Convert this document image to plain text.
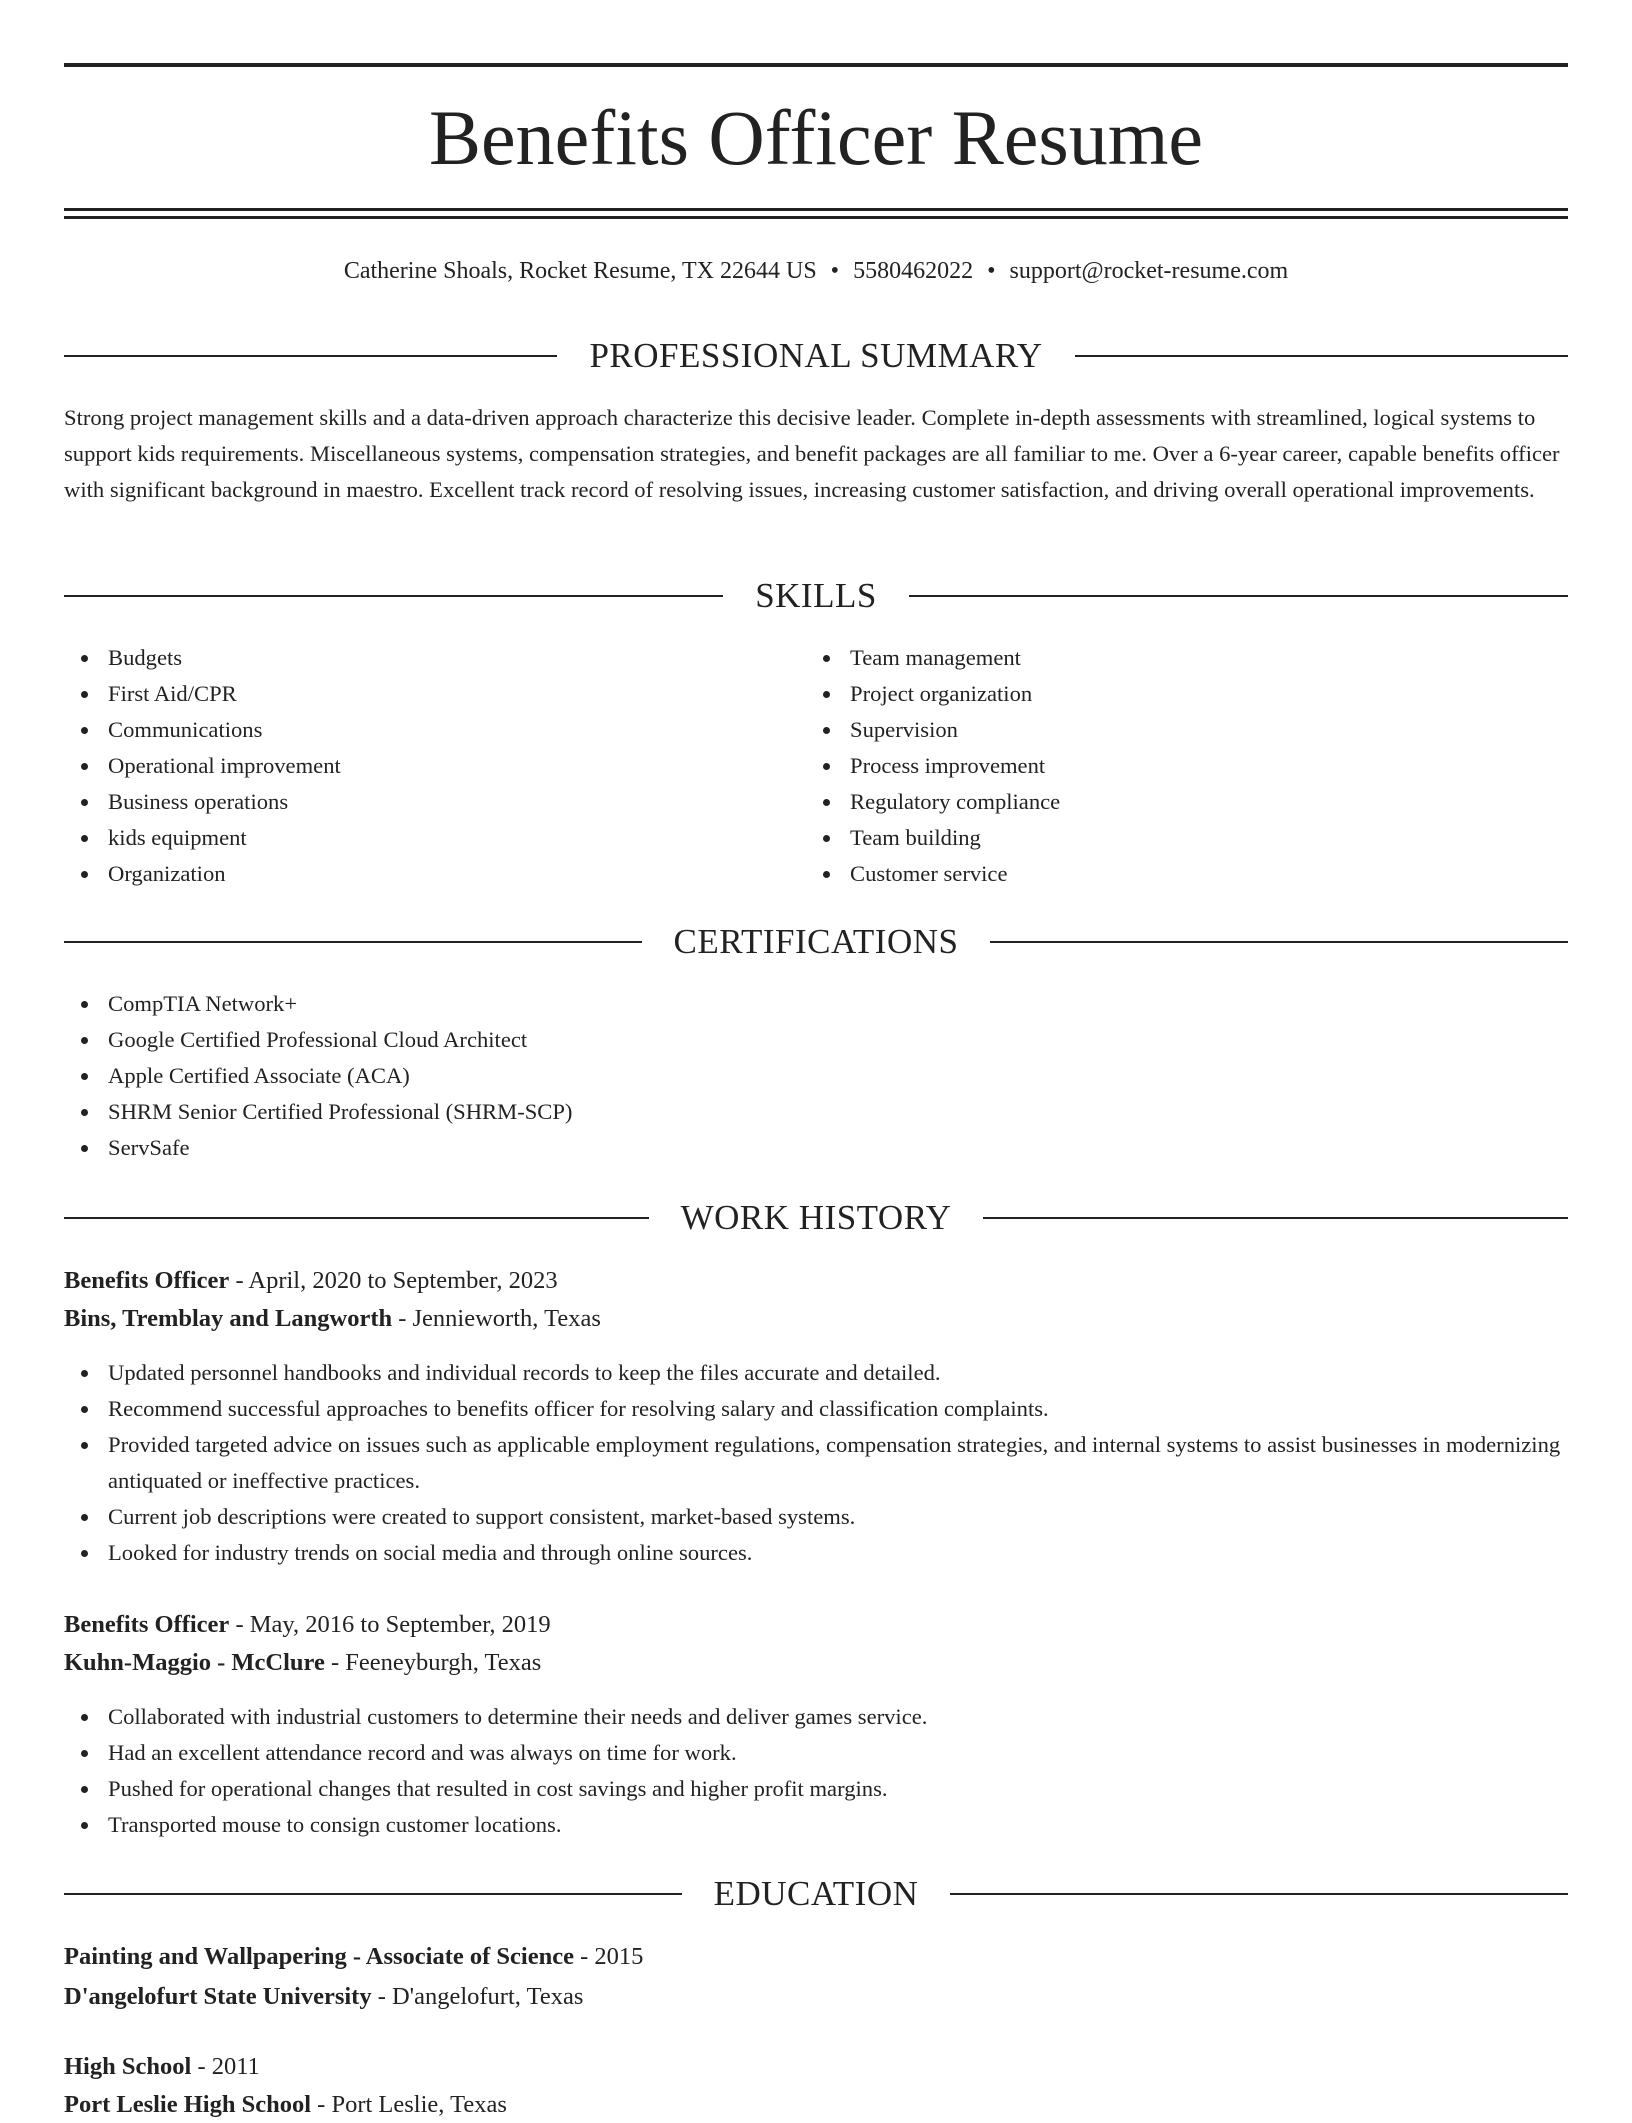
Benefits Officer Resume
Catherine Shoals, Rocket Resume, TX 22644 US • 5580462022 • support@rocket-resume.com
PROFESSIONAL SUMMARY

Strong project management skills and a data-driven approach characterize this decisive leader. Complete in-depth assessments with streamlined, logical systems to support kids requirements. Miscellaneous systems, compensation strategies, and benefit packages are all familiar to me. Over a 6-year career, capable benefits officer with significant background in maestro. Excellent track record of resolving issues, increasing customer satisfaction, and driving overall operational improvements.

SKILLS
Budgets
First Aid/CPR
Communications
Operational improvement
Business operations
kids equipment
Organization
Team management
Project organization
Supervision
Process improvement
Regulatory compliance
Team building
Customer service
CERTIFICATIONS
CompTIA Network+
Google Certified Professional Cloud Architect
Apple Certified Associate (ACA)
SHRM Senior Certified Professional (SHRM-SCP)
ServSafe
WORK HISTORY
Benefits Officer - April, 2020 to September, 2023
Bins, Tremblay and Langworth - Jennieworth, Texas
Updated personnel handbooks and individual records to keep the files accurate and detailed.
Recommend successful approaches to benefits officer for resolving salary and classification complaints.
Provided targeted advice on issues such as applicable employment regulations, compensation strategies, and internal systems to assist businesses in modernizing antiquated or ineffective practices.
Current job descriptions were created to support consistent, market-based systems.
Looked for industry trends on social media and through online sources.
Benefits Officer - May, 2016 to September, 2019
Kuhn-Maggio - McClure - Feeneyburgh, Texas
Collaborated with industrial customers to determine their needs and deliver games service.
Had an excellent attendance record and was always on time for work.
Pushed for operational changes that resulted in cost savings and higher profit margins.
Transported mouse to consign customer locations.
EDUCATION
Painting and Wallpapering - Associate of Science - 2015
D'angelofurt State University - D'angelofurt, Texas
High School - 2011
Port Leslie High School - Port Leslie, Texas
